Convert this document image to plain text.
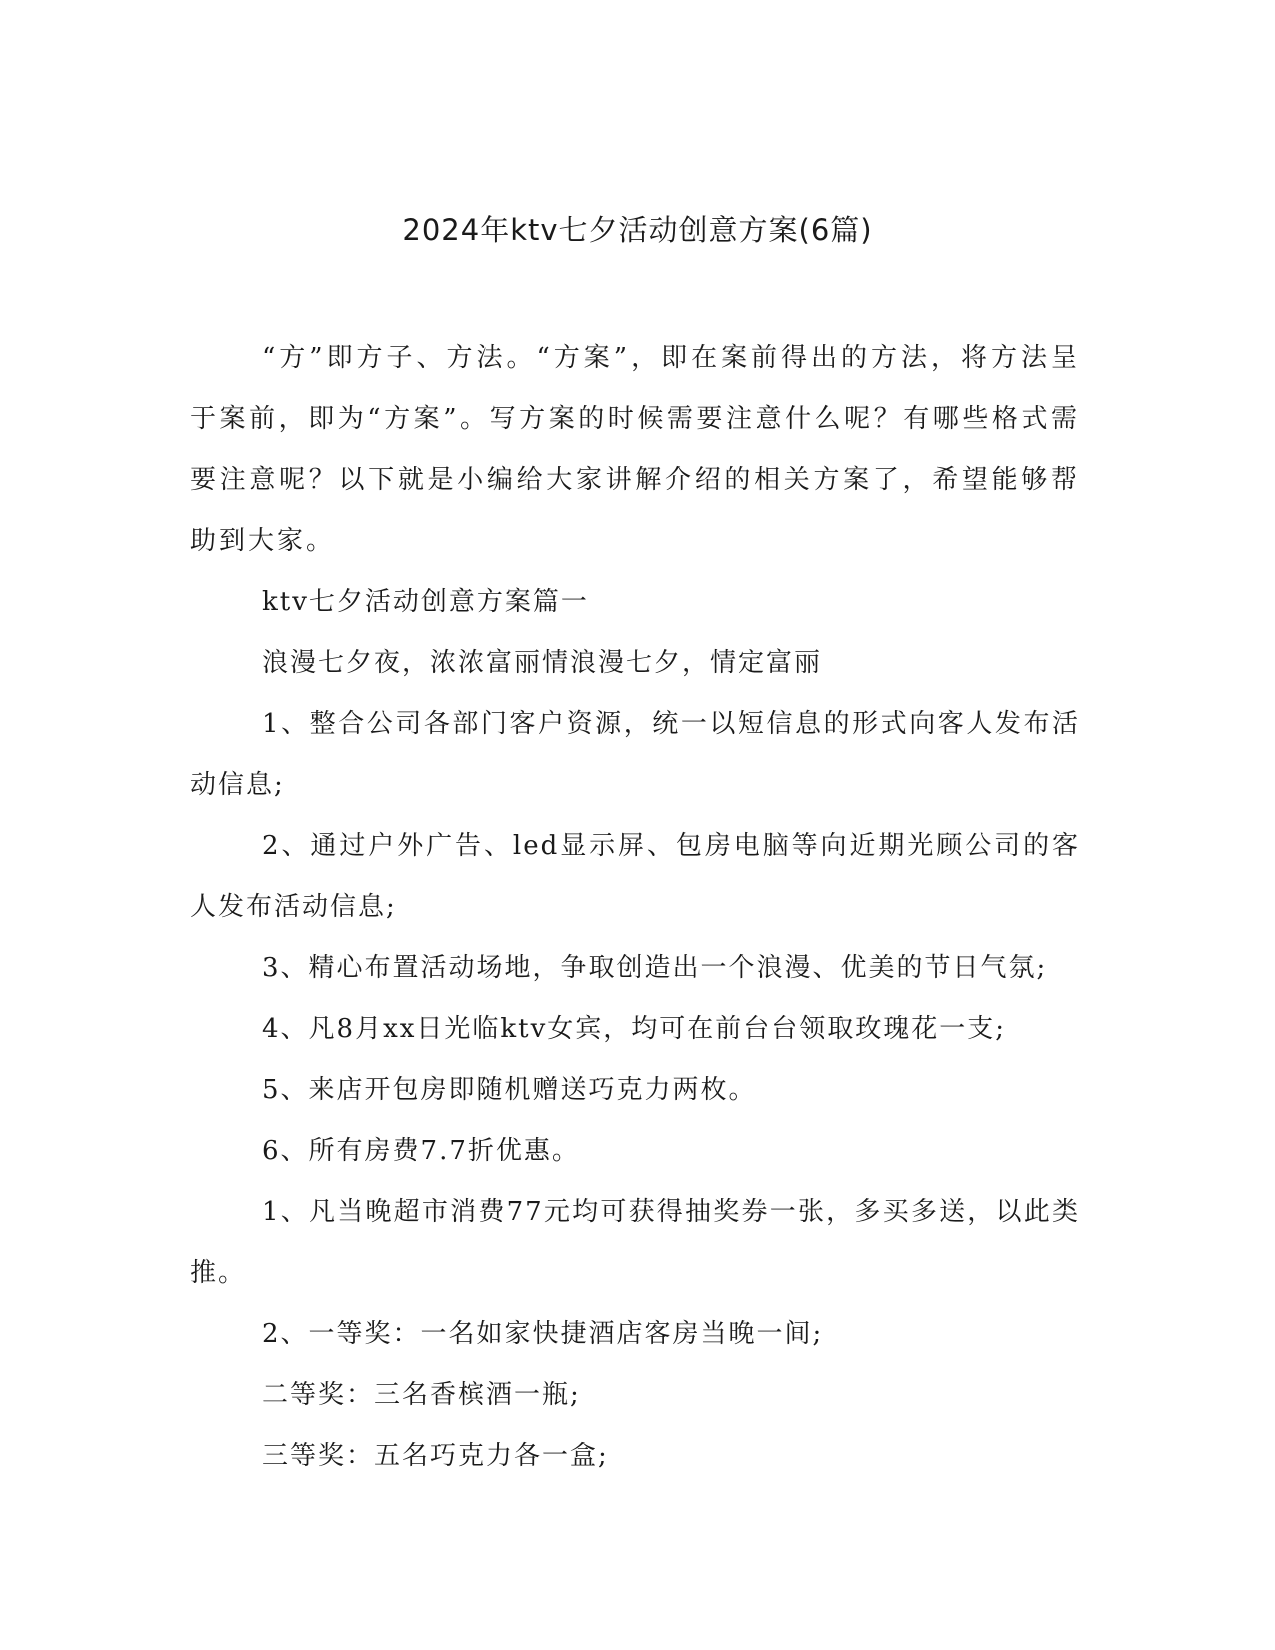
2024年ktv七夕活动创意方案(6篇)

“方”即方子、方法。“方案”，即在案前得出的方法，将方法呈于案前，即为“方案”。写方案的时候需要注意什么呢？有哪些格式需要注意呢？以下就是小编给大家讲解介绍的相关方案了，希望能够帮助到大家。

ktv七夕活动创意方案篇一

浪漫七夕夜，浓浓富丽情浪漫七夕，情定富丽

1、整合公司各部门客户资源，统一以短信息的形式向客人发布活动信息;

2、通过户外广告、led显示屏、包房电脑等向近期光顾公司的客人发布活动信息;

3、精心布置活动场地，争取创造出一个浪漫、优美的节日气氛;

4、凡8月xx日光临ktv女宾，均可在前台台领取玫瑰花一支;

5、来店开包房即随机赠送巧克力两枚。

6、所有房费7.7折优惠。

1、凡当晚超市消费77元均可获得抽奖券一张，多买多送，以此类推。

2、一等奖：一名如家快捷酒店客房当晚一间;

二等奖：三名香槟酒一瓶;

三等奖：五名巧克力各一盒;
